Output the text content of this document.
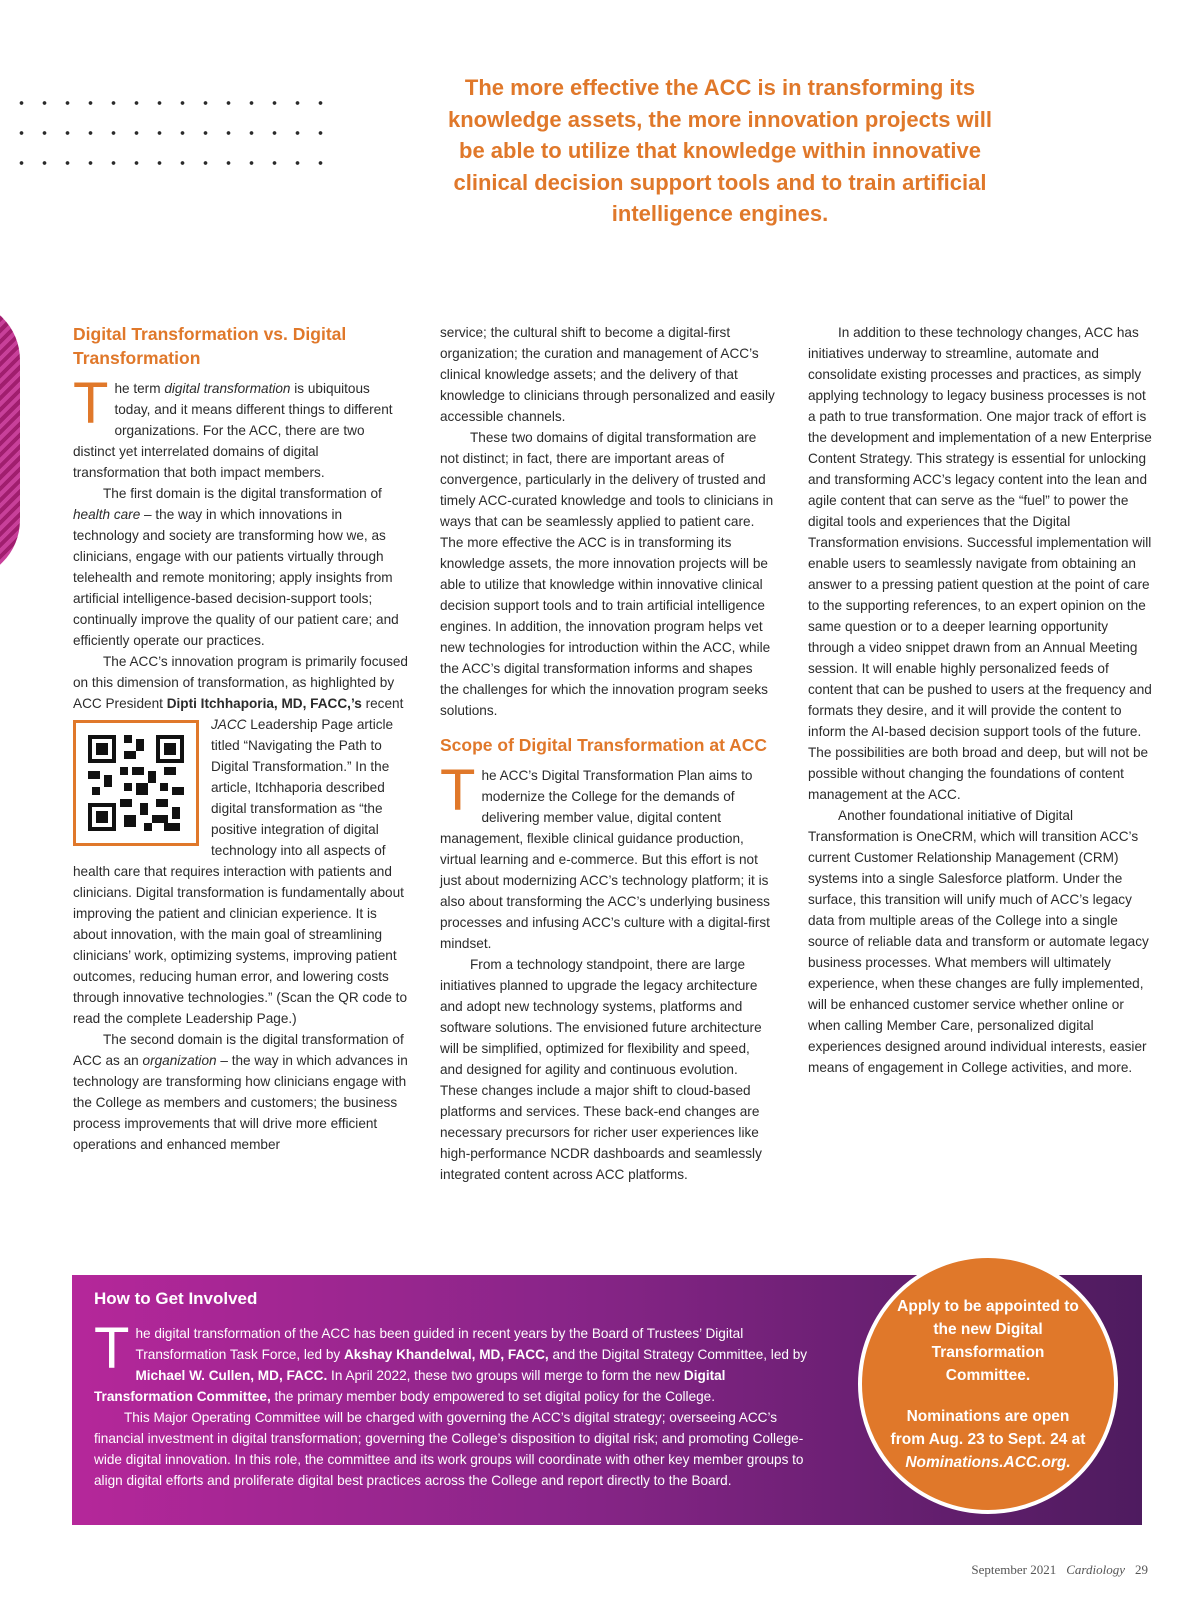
The more effective the ACC is in transforming its knowledge assets, the more innovation projects will be able to utilize that knowledge within innovative clinical decision support tools and to train artificial intelligence engines.

Digital Transformation vs. Digital Transformation

The term digital transformation is ubiquitous today, and it means different things to different organizations. For the ACC, there are two distinct yet interrelated domains of digital transformation that both impact members.

The first domain is the digital transformation of health care – the way in which innovations in technology and society are transforming how we, as clinicians, engage with our patients virtually through telehealth and remote monitoring; apply insights from artificial intelligence-based decision-support tools; continually improve the quality of our patient care; and efficiently operate our practices.

The ACC’s innovation program is primarily focused on this dimension of transformation, as highlighted by ACC President Dipti Itchhaporia, MD, FACC,’s recent JACC
Leadership Page article titled “Navigating the Path to Digital Transformation.” In the article, Itchhaporia described digital transformation as “the positive integration of digital technology into all aspects of health care that requires interaction with patients and clinicians. Digital transformation is fundamentally about improving the patient and clinician experience. It is about innovation, with the main goal of streamlining clinicians’ work, optimizing systems, improving patient outcomes, reducing human error, and lowering costs through innovative technologies.” (Scan the QR code to read the complete Leadership Page.)

The second domain is the digital transformation of ACC as an organization – the way in which advances in technology are transforming how clinicians engage with the College as members and customers; the business process improvements that will drive more efficient operations and enhanced member

service; the cultural shift to become a digital-first organization; the curation and management of ACC’s clinical knowledge assets; and the delivery of that knowledge to clinicians through personalized and easily accessible channels.

These two domains of digital transformation are not distinct; in fact, there are important areas of convergence, particularly in the delivery of trusted and timely ACC-curated knowledge and tools to clinicians in ways that can be seamlessly applied to patient care. The more effective the ACC is in transforming its knowledge assets, the more innovation projects will be able to utilize that knowledge within innovative clinical decision support tools and to train artificial intelligence engines. In addition, the innovation program helps vet new technologies for introduction within the ACC, while the ACC’s digital transformation informs and shapes the challenges for which the innovation program seeks solutions.

Scope of Digital Transformation at ACC

The ACC’s Digital Transformation Plan aims to modernize the College for the demands of delivering member value, digital content management, flexible clinical guidance production, virtual learning and e-commerce. But this effort is not just about modernizing ACC’s technology platform; it is also about transforming the ACC’s underlying business processes and infusing ACC’s culture with a digital-first mindset.

From a technology standpoint, there are large initiatives planned to upgrade the legacy architecture and adopt new technology systems, platforms and software solutions. The envisioned future architecture will be simplified, optimized for flexibility and speed, and designed for agility and continuous evolution. These changes include a major shift to cloud-based platforms and services. These back-end changes are necessary precursors for richer user experiences like high-performance NCDR dashboards and seamlessly integrated content across ACC platforms.

In addition to these technology changes, ACC has initiatives underway to streamline, automate and consolidate existing processes and practices, as simply applying technology to legacy business processes is not a path to true transformation. One major track of effort is the development and implementation of a new Enterprise Content Strategy. This strategy is essential for unlocking and transforming ACC’s legacy content into the lean and agile content that can serve as the “fuel” to power the digital tools and experiences that the Digital Transformation envisions. Successful implementation will enable users to seamlessly navigate from obtaining an answer to a pressing patient question at the point of care to the supporting references, to an expert opinion on the same question or to a deeper learning opportunity through a video snippet drawn from an Annual Meeting session. It will enable highly personalized feeds of content that can be pushed to users at the frequency and formats they desire, and it will provide the content to inform the AI-based decision support tools of the future. The possibilities are both broad and deep, but will not be possible without changing the foundations of content management at the ACC.

Another foundational initiative of Digital Transformation is OneCRM, which will transition ACC’s current Customer Relationship Management (CRM) systems into a single Salesforce platform. Under the surface, this transition will unify much of ACC’s legacy data from multiple areas of the College into a single source of reliable data and transform or automate legacy business processes. What members will ultimately experience, when these changes are fully implemented, will be enhanced customer service whether online or when calling Member Care, personalized digital experiences designed around individual interests, easier means of engagement in College activities, and more.

How to Get Involved

The digital transformation of the ACC has been guided in recent years by the Board of Trustees’ Digital Transformation Task Force, led by Akshay Khandelwal, MD, FACC, and the Digital Strategy Committee, led by Michael W. Cullen, MD, FACC. In April 2022, these two groups will merge to form the new Digital Transformation Committee, the primary member body empowered to set digital policy for the College.

This Major Operating Committee will be charged with governing the ACC’s digital strategy; overseeing ACC’s financial investment in digital transformation; governing the College’s disposition to digital risk; and promoting College-wide digital innovation. In this role, the committee and its work groups will coordinate with other key member groups to align digital efforts and proliferate digital best practices across the College and report directly to the Board.

Apply to be appointed to the new Digital Transformation Committee.

Nominations are open from Aug. 23 to Sept. 24 at Nominations.ACC.org.

September 2021 Cardiology 29
